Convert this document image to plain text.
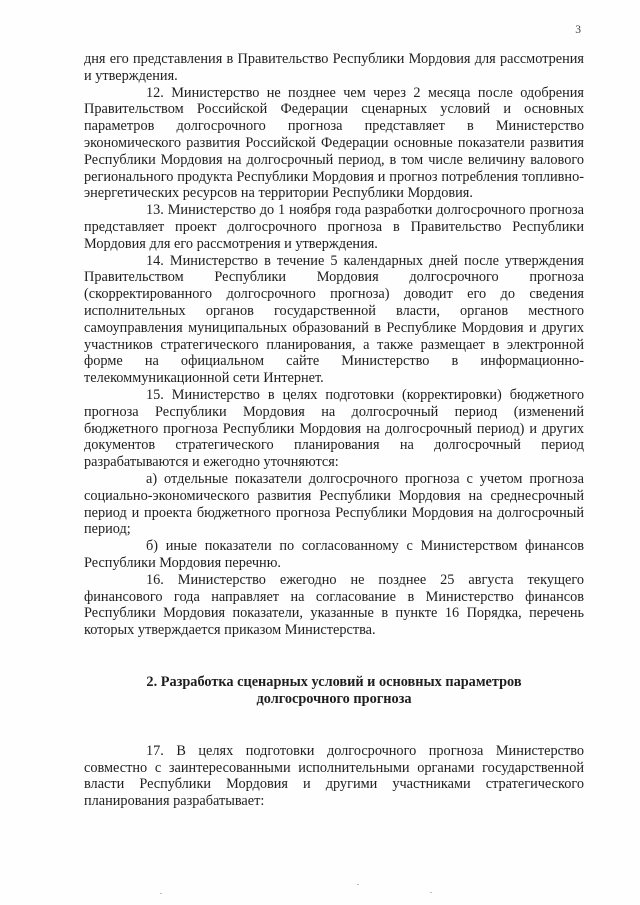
3

дня его представления в Правительство Республики Мордовия для рассмотрения и утверждения.

12. Министерство не позднее чем через 2 месяца после одобрения Правительством Российской Федерации сценарных условий и основных параметров долгосрочного прогноза представляет в Министерство экономического развития Российской Федерации основные показатели развития Республики Мордовия на долгосрочный период, в том числе величину валового регионального продукта Республики Мордовия и прогноз потребления топливно-энергетических ресурсов на территории Республики Мордовия.

13. Министерство до 1 ноября года разработки долгосрочного прогноза представляет проект долгосрочного прогноза в Правительство Республики Мордовия для его рассмотрения и утверждения.

14. Министерство в течение 5 календарных дней после утверждения Правительством Республики Мордовия долгосрочного прогноза (скорректированного долгосрочного прогноза) доводит его до сведения исполнительных органов государственной власти, органов местного самоуправления муниципальных образований в Республике Мордовия и других участников стратегического планирования, а также размещает в электронной форме на официальном сайте Министерство в информационно-телекоммуникационной сети Интернет.

15. Министерство в целях подготовки (корректировки) бюджетного прогноза Республики Мордовия на долгосрочный период (изменений бюджетного прогноза Республики Мордовия на долгосрочный период) и других документов стратегического планирования на долгосрочный период разрабатываются и ежегодно уточняются:

а) отдельные показатели долгосрочного прогноза с учетом прогноза социально-экономического развития Республики Мордовия на среднесрочный период и проекта бюджетного прогноза Республики Мордовия на долгосрочный период;

б) иные показатели по согласованному с Министерством финансов Республики Мордовия перечню.

16. Министерство ежегодно не позднее 25 августа текущего финансового года направляет на согласование в Министерство финансов Республики Мордовия показатели, указанные в пункте 16 Порядка, перечень которых утверждается приказом Министерства.

2. Разработка сценарных условий и основных параметров

долгосрочного прогноза

17. В целях подготовки долгосрочного прогноза Министерство совместно с заинтересованными исполнительными органами государственной власти Республики Мордовия и другими участниками стратегического планирования разрабатывает:
